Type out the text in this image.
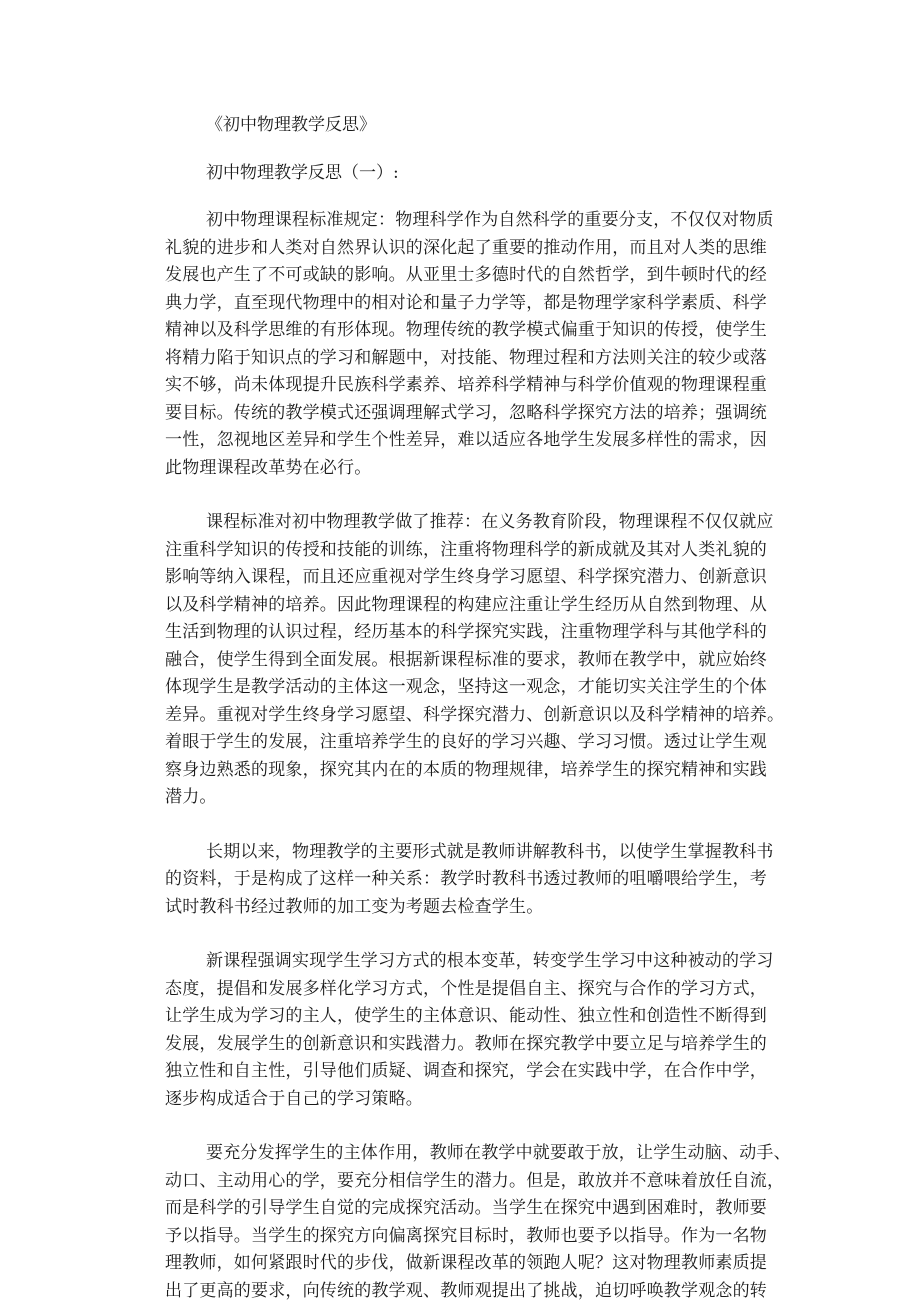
《初中物理教学反思》

初中物理教学反思（一）:

初中物理课程标准规定：物理科学作为自然科学的重要分支，不仅仅对物质
礼貌的进步和人类对自然界认识的深化起了重要的推动作用，而且对人类的思维
发展也产生了不可或缺的影响。从亚里士多德时代的自然哲学，到牛顿时代的经
典力学，直至现代物理中的相对论和量子力学等，都是物理学家科学素质、科学
精神以及科学思维的有形体现。物理传统的教学模式偏重于知识的传授，使学生
将精力陷于知识点的学习和解题中，对技能、物理过程和方法则关注的较少或落
实不够，尚未体现提升民族科学素养、培养科学精神与科学价值观的物理课程重
要目标。传统的教学模式还强调理解式学习，忽略科学探究方法的培养；强调统
一性，忽视地区差异和学生个性差异，难以适应各地学生发展多样性的需求，因
此物理课程改革势在必行。
课程标准对初中物理教学做了推荐：在义务教育阶段，物理课程不仅仅就应
注重科学知识的传授和技能的训练，注重将物理科学的新成就及其对人类礼貌的
影响等纳入课程，而且还应重视对学生终身学习愿望、科学探究潜力、创新意识
以及科学精神的培养。因此物理课程的构建应注重让学生经历从自然到物理、从
生活到物理的认识过程，经历基本的科学探究实践，注重物理学科与其他学科的
融合，使学生得到全面发展。根据新课程标准的要求，教师在教学中，就应始终
体现学生是教学活动的主体这一观念，坚持这一观念，才能切实关注学生的个体
差异。重视对学生终身学习愿望、科学探究潜力、创新意识以及科学精神的培养。
着眼于学生的发展，注重培养学生的良好的学习兴趣、学习习惯。透过让学生观
察身边熟悉的现象，探究其内在的本质的物理规律，培养学生的探究精神和实践
潜力。
长期以来，物理教学的主要形式就是教师讲解教科书，以使学生掌握教科书
的资料，于是构成了这样一种关系：教学时教科书透过教师的咀嚼喂给学生，考
试时教科书经过教师的加工变为考题去检查学生。
新课程强调实现学生学习方式的根本变革，转变学生学习中这种被动的学习
态度，提倡和发展多样化学习方式，个性是提倡自主、探究与合作的学习方式，
让学生成为学习的主人，使学生的主体意识、能动性、独立性和创造性不断得到
发展，发展学生的创新意识和实践潜力。教师在探究教学中要立足与培养学生的
独立性和自主性，引导他们质疑、调查和探究，学会在实践中学，在合作中学，
逐步构成适合于自己的学习策略。
要充分发挥学生的主体作用，教师在教学中就要敢于放，让学生动脑、动手、
动口、主动用心的学，要充分相信学生的潜力。但是，敢放并不意味着放任自流，
而是科学的引导学生自觉的完成探究活动。当学生在探究中遇到困难时，教师要
予以指导。当学生的探究方向偏离探究目标时，教师也要予以指导。作为一名物
理教师，如何紧跟时代的步伐，做新课程改革的领跑人呢？这对物理教师素质提
出了更高的要求，向传统的教学观、教师观提出了挑战，迫切呼唤教学观念的转
